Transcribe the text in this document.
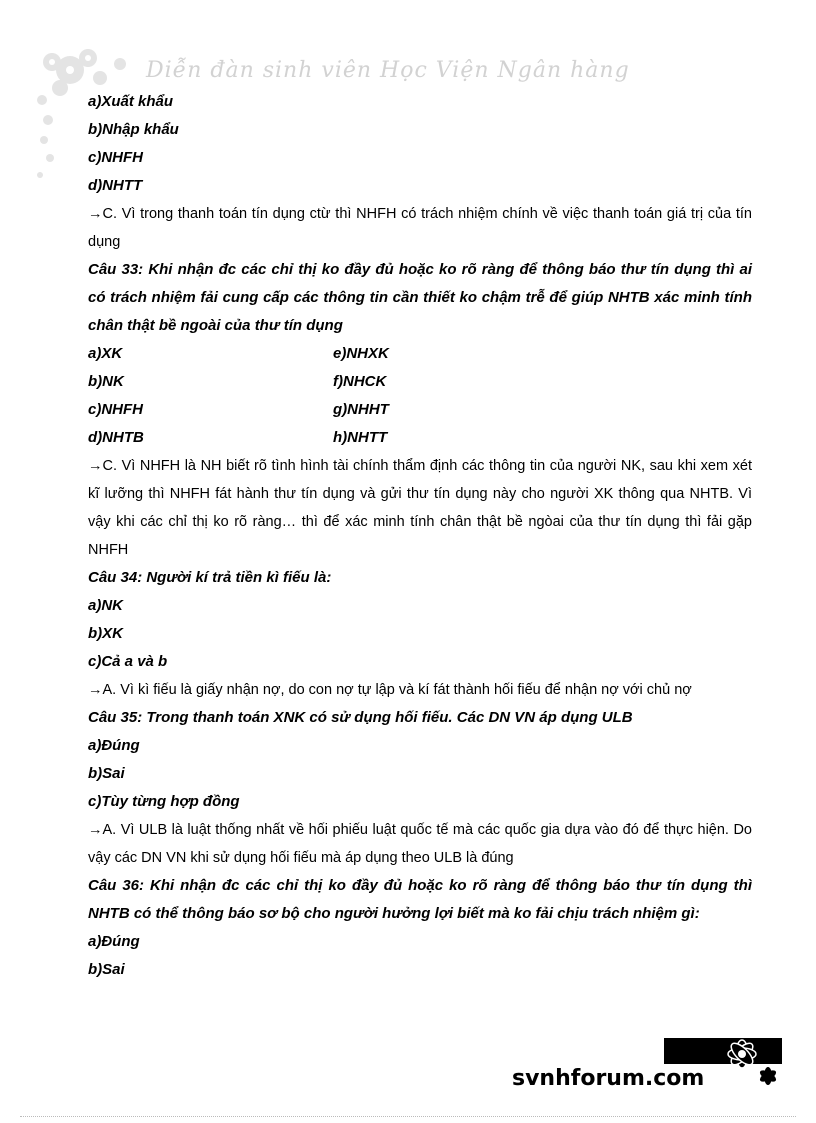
Diễn đàn sinh viên Học Viện Ngân hàng
a)Xuất khẩu
b)Nhập khẩu
c)NHFH
d)NHTT
→C. Vì trong thanh toán tín dụng ctừ thì NHFH có trách nhiệm chính về việc thanh toán giá trị của tín dụng
Câu 33: Khi nhận đc các chỉ thị ko đầy đủ hoặc ko rõ ràng để thông báo thư tín dụng thì ai có trách nhiệm fải cung cấp các thông tin cần thiết ko chậm trễ để giúp NHTB xác minh tính chân thật bề ngoài của thư tín dụng
a)XK	e)NHXK
b)NK	f)NHCK
c)NHFH	g)NHHT
d)NHTB	h)NHTT
→C. Vì NHFH là NH biết rõ tình hình tài chính thẩm định các thông tin của người NK, sau khi xem xét kĩ lưỡng thì NHFH fát hành thư tín dụng và gửi thư tín dụng này cho người XK thông qua NHTB. Vì vậy khi các chỉ thị ko rõ ràng… thì để xác minh tính chân thật bề ngòai của thư tín dụng thì fải gặp NHFH
Câu 34: Người kí trả tiền kì fiếu là:
a)NK
b)XK
c)Cả a và b
→A. Vì kì fiếu là giấy nhận nợ, do con nợ tự lập và kí fát thành hối fiếu để nhận nợ với chủ nợ
Câu 35: Trong thanh toán XNK có sử dụng hối fiếu. Các DN VN áp dụng ULB
a)Đúng
b)Sai
c)Tùy từng hợp đồng
→A. Vì ULB là luật thống nhất về hối phiếu luật quốc tế mà các quốc gia dựa vào đó để thực hiện. Do vậy các DN VN khi sử dụng hối fiếu mà áp dụng theo ULB là đúng
Câu 36: Khi nhận đc các chỉ thị ko đầy đủ hoặc ko rõ ràng để thông báo thư tín dụng thì NHTB có thể thông báo sơ bộ cho người hưởng lợi biết mà ko fải chịu trách nhiệm gì:
a)Đúng
b)Sai
svnhforum.com
